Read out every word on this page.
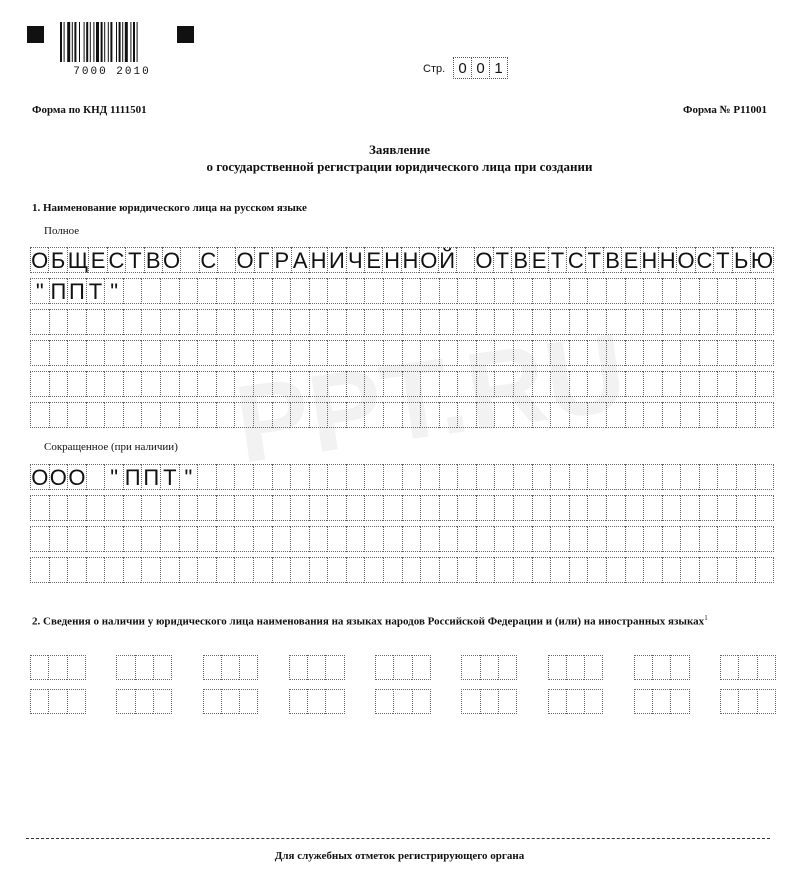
PPT.RU
7000 2010	Стр. 0 0 1
Форма по КНД 1111501	Форма № Р11001
Заявление
о государственной регистрации юридического лица при создании
1. Наименование юридического лица на русском языке
Полное
О Б Щ Е С Т В О С О Г Р А Н И Ч Е Н Н О Й О Т В Е Т С Т В Е Н Н О С Т Ь Ю
" П П Т "
Сокращенное (при наличии)
О О О " П П Т "
2. Сведения о наличии у юридического лица наименования на языках народов Российской Федерации и (или) на иностранных языках$^1$
Для служебных отметок регистрирующего органа
